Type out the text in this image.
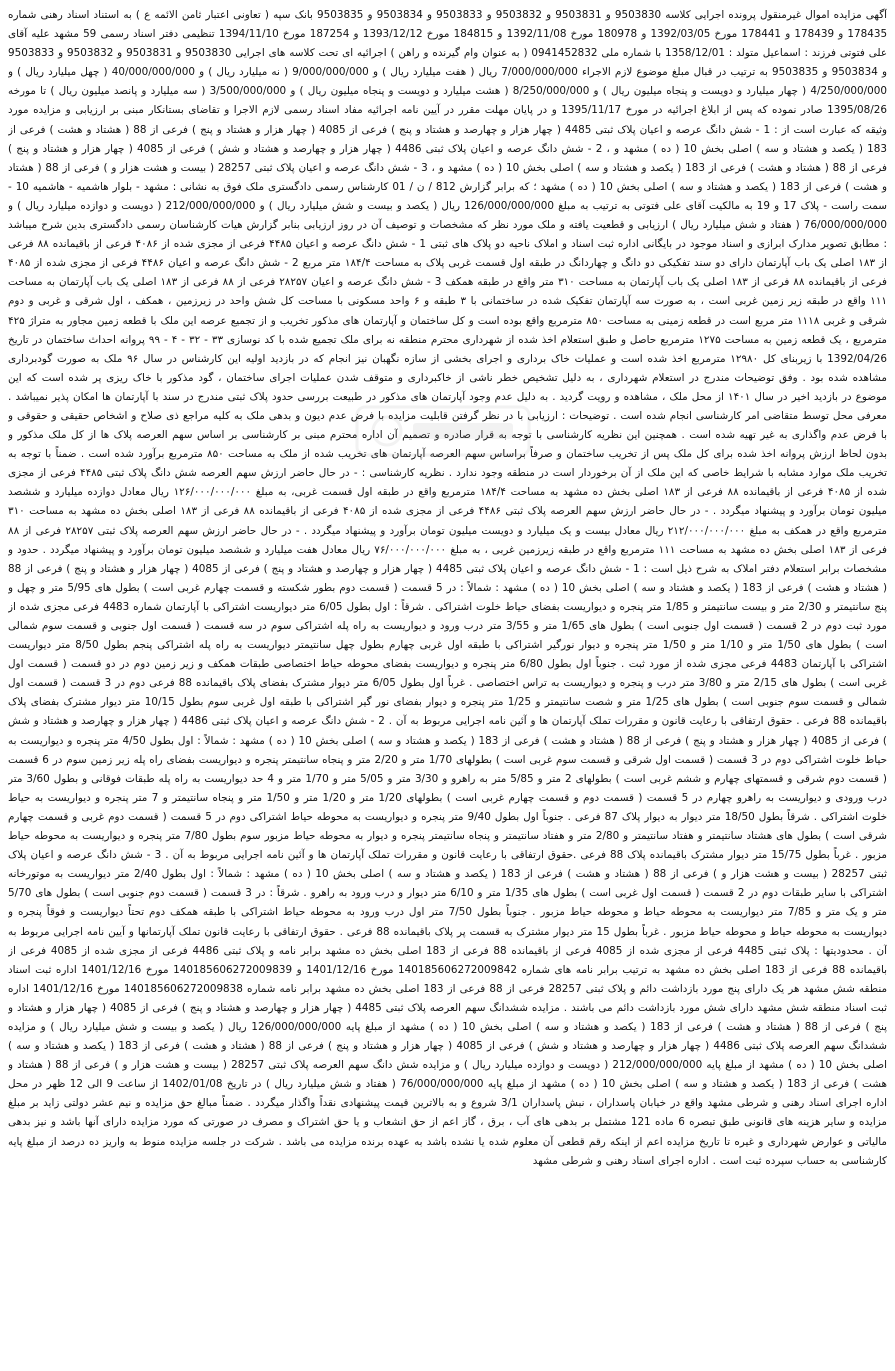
آگهی مزایده اموال غیرمنقول پرونده اجرایی کلاسه 9503830 و 9503831 و 9503832 و 9503833 و 9503834 و 9503835 بانک سپه ( تعاونی اعتبار ثامن الائمه ع ) به استناد اسناد رهنی شماره 178435 و 178439 و 178441 مورخ 1392/03/05 و 180978 مورخ 1392/11/08 و 184815 مورخ 1393/12/12 و 187254 مورخ 1394/11/10 تنظیمی دفتر اسناد رسمی 59 مشهد علیه آقای علی فتوتی فرزند : اسماعیل متولد : 1358/12/01 با شماره ملی 0941452832 ( به عنوان وام گیرنده و راهن ) اجرائیه ای تحت کلاسه های اجرایی 9503830 و 9503831 و 9503832 و 9503833 و 9503834 و 9503835 به ترتیب در قبال مبلغ موضوع لازم الاجراء 7/000/000/000 ریال ( هفت میلیارد ریال ) و 9/000/000/000 ( نه میلیارد ریال ) و 40/000/000/000 ( چهل میلیارد ریال ) و 4/250/000/000 ( چهار میلیارد و دویست و پنجاه میلیون ریال ) و 8/250/000/000 ( هشت میلیارد و دویست و پنجاه میلیون ریال ) و 3/500/000/000 ( سه میلیارد و پانصد میلیون ریال ) تا مورخه 1395/08/26 صادر نموده که پس از ابلاغ اجرائیه در مورخ 1395/11/17 و در پایان مهلت مقرر در آیین نامه اجرائیه مفاد اسناد رسمی لازم الاجرا و تقاضای بستانکار مبنی بر ارزیابی و مزایده مورد وثیقه که عبارت است از : 1 - شش دانگ عرصه و اعیان پلاک ثبتی 4485 ( چهار هزار و چهارصد و هشتاد و پنج ) فرعی از 4085 ( چهار هزار و هشتاد و پنج ) فرعی از 88 ( هشتاد و هشت ) فرعی از 183 ( یکصد و هشتاد و سه ) اصلی بخش 10 ( ده ) مشهد و ، 2 - شش دانگ عرصه و اعیان پلاک ثبتی 4486 ( چهار هزار و چهارصد و هشتاد و شش ) فرعی از 4085 ( چهار هزار و هشتاد و پنج ) فرعی از 88 ( هشتاد و هشت ) فرعی از 183 ( یکصد و هشتاد و سه ) اصلی بخش 10 ( ده ) مشهد و ، 3 - شش دانگ عرصه و اعیان پلاک ثبتی 28257 ( بیست و هشت هزار و ) فرعی از 88 ( هشتاد و هشت ) فرعی از 183 ( یکصد و هشتاد و سه ) اصلی بخش 10 ( ده ) مشهد ؛ که برابر گزارش 812 / ن / 01 کارشناس رسمی دادگستری ملک فوق به نشانی : مشهد - بلوار هاشمیه - هاشمیه 10 - سمت راست - پلاک 17 و 19 به مالکیت آقای علی فتوتی به ترتیب به مبلغ 126/000/000/000 ریال ( یکصد و بیست و شش میلیارد ریال ) و 212/000/000/000 ( دویست و دوازده میلیارد ریال ) و 76/000/000/000 ( هفتاد و شش میلیارد ریال ) ارزیابی و قطعیت یافته و ملک مورد نظر که مشخصات و توصیف آن در روز ارزیابی بنابر گزارش هیات کارشناسان رسمی دادگستری بدین شرح میباشد : مطابق تصویر مدارک ابرازی و اسناد موجود در بایگانی اداره ثبت اسناد و املاک ناحیه دو پلاک های ثبتی 1 - شش دانگ عرصه و اعیان ۴۴۸۵ فرعی از مجزی شده از ۴۰۸۶ فرعی از باقیمانده ۸۸ فرعی از ۱۸۳ اصلی یک باب آپارتمان دارای دو سند تفکیکی دو دانگ و چهاردانگ در طبقه اول قسمت غربی پلاک به مساحت ۱۸۴/۴ متر مربع 2 - شش دانگ عرصه و اعیان ۴۴۸۶ فرعی از مجزی شده از ۴۰۸۵ فرعی از باقیمانده ۸۸ فرعی از ۱۸۳ اصلی یک باب آپارتمان به مساحت ۳۱۰ متر واقع در طبقه همکف 3 - شش دانگ عرصه و اعیان ۲۸۲۵۷ فرعی از ۸۸ فرعی از ۱۸۳ اصلی یک باب آپارتمان به مساحت ۱۱۱ واقع در طبقه زیر زمین غربی است ، به صورت سه آپارتمان تفکیک شده در ساختمانی با ۳ طبقه و ۶ واحد مسکونی با مساحت کل شش واحد در زیرزمین ، همکف ، اول شرقی و غربی و دوم شرقی و غربی ۱۱۱۸ متر مربع است در قطعه زمینی به مساحت ۸۵۰ مترمربع واقع بوده است و کل ساختمان و آپارتمان های مذکور تخریب و از تجمیع عرصه این ملک با قطعه زمین مجاور به متراژ ۴۲۵ مترمربع ، یک قطعه زمین به مساحت ۱۲۷۵ مترمربع حاصل و طبق استعلام اخذ شده از شهرداری محترم منطقه نه برای ملک تجمیع شده با کد نوسازی ۳۳ - ۳۲ - ۴ - ۹۹ پروانه احداث ساختمان در تاریخ 1392/04/26 با زیربنای کل ۱۲۹۸۰ مترمربع اخذ شده است و عملیات خاک برداری و اجرای بخشی از سازه نگهبان نیز انجام که در بازدید اولیه این کارشناس در سال ۹۶ ملک به صورت گودبرداری مشاهده شده بود . وفق توضیحات مندرج در استعلام شهرداری ، به دلیل تشخیص خطر ناشی از خاکبرداری و متوقف شدن عملیات اجرای ساختمان ، گود مذکور با خاک ریزی پر شده است که این موضوع در بازدید اخیر در سال ۱۴۰۱ از محل ملک ، مشاهده و رویت گردید . به دلیل عدم وجود آپارتمان های مذکور در طبیعت بررسی حدود پلاک ثبتی مندرج در سند با آپارتمان ها امکان پذیر نمیباشد . معرفی محل توسط متقاضی امر کارشناسی انجام شده است . توضیحات : ارزیابی با در نظر گرفتن قابلیت مزایده با فرض عدم دیون و بدهی ملک به کلیه مراجع ذی صلاح و اشخاص حقیقی و حقوقی و با فرض عدم واگذاری به غیر تهیه شده است . همچنین این نظریه کارشناسی با توجه به قرار صادره و تصمیم آن اداره محترم مبنی بر کارشناسی بر اساس سهم العرصه پلاک ها از کل ملک مذکور و بدون لحاظ ارزش پروانه اخذ شده برای کل ملک پس از تخریب ساختمان و صرفاً براساس سهم العرصه آپارتمان های تخریب شده از ملک به مساحت ۸۵۰ مترمربع برآورد شده است . ضمناً با توجه به تخریب ملک موارد مشابه با شرایط خاصی که این ملک از آن برخوردار است در منطقه وجود ندارد . نظریه کارشناسی : - در حال حاضر ارزش سهم العرصه شش دانگ پلاک ثبتی ۴۴۸۵ فرعی از مجزی شده از ۴۰۸۵ فرعی از باقیمانده ۸۸ فرعی از ۱۸۳ اصلی بخش ده مشهد به مساحت ۱۸۴/۴ مترمربع واقع در طبقه اول قسمت غربی، به مبلغ ۱۲۶/۰۰۰/۰۰۰/۰۰۰ ریال معادل دوازده میلیارد و ششصد میلیون تومان برآورد و پیشنهاد میگردد . - در حال حاضر ارزش سهم العرصه پلاک ثبتی ۴۴۸۶ فرعی از مجزی شده از ۴۰۸۵ فرعی از باقیمانده ۸۸ فرعی از ۱۸۳ اصلی بخش ده مشهد به مساحت ۳۱۰ مترمربع واقع در همکف به مبلغ ۲۱۲/۰۰۰/۰۰۰/۰۰۰ ریال معادل بیست و یک میلیارد و دویست میلیون تومان برآورد و پیشنهاد میگردد . - در حال حاضر ارزش سهم العرصه پلاک ثبتی ۲۸۲۵۷ فرعی از ۸۸ فرعی از ۱۸۳ اصلی بخش ده مشهد به مساحت ۱۱۱ مترمربع واقع در طبقه زیرزمین غربی ، به مبلغ ۷۶/۰۰۰/۰۰۰/۰۰۰ ریال معادل هفت میلیارد و ششصد میلیون تومان برآورد و پیشنهاد میگردد . حدود و مشخصات برابر استعلام دفتر املاک به شرح ذیل است : 1 - شش دانگ عرصه و اعیان پلاک ثبتی 4485 ( چهار هزار و چهارصد و هشتاد و پنج ) فرعی از 4085 ( چهار هزار و هشتاد و پنج ) فرعی از 88 ( هشتاد و هشت ) فرعی از 183 ( یکصد و هشتاد و سه ) اصلی بخش 10 ( ده ) مشهد : شمالاً : در 5 قسمت ( قسمت دوم بطور شکسته و قسمت چهارم غربی است ) بطول های 5/95 متر و چهل و پنج سانتیمتر و 2/30 متر و بیست سانتیمتر و 1/85 متر پنجره و دیواریست بفضای حیاط خلوت اشتراکی . شرقاً : اول بطول 6/05 متر دیواریست اشتراکی با آپارتمان شماره 4483 فرعی مجزی شده از مورد ثبت دوم در 2 قسمت ( قسمت اول جنوبی است ) بطول های 1/65 متر و 3/55 متر درب ورود و دیواریست به راه پله اشتراکی سوم در سه قسمت ( قسمت اول جنوبی و قسمت سوم شمالی است ) بطول های 1/50 متر و 1/10 متر و 1/50 متر پنجره و دیوار نورگیر اشتراکی با طبقه اول غربی چهارم بطول چهل سانتیمتر دیواریست به راه پله اشتراکی پنجم بطول 8/50 متر دیواریست اشتراکی با آپارتمان 4483 فرعی مجزی شده از مورد ثبت . جنوباً اول بطول 6/80 متر پنجره و دیواریست بفضای محوطه حیاط اختصاصی طبقات همکف و زیر زمین دوم در دو قسمت ( قسمت اول غربی است ) بطول های 2/15 متر و 3/80 متر درب و پنجره و دیواریست به تراس اختصاصی . غرباً اول بطول 6/05 متر دیوار مشترک بفضای پلاک باقیمانده 88 فرعی دوم در 3 قسمت ( قسمت اول شمالی و قسمت سوم جنوبی است ) بطول های 1/25 متر و شصت سانتیمتر و 1/25 متر پنجره و دیوار بفضای نور گیر اشتراکی با طبقه اول غربی سوم بطول 10/15 متر دیوار مشترک بفضای پلاک باقیمانده 88 فرعی . حقوق ارتفاقی با رعایت قانون و مقررات تملک آپارتمان ها و آئین نامه اجرایی مربوط به آن . 2 - شش دانگ عرصه و اعیان پلاک ثبتی 4486 ( چهار هزار و چهارصد و هشتاد و شش ) فرعی از 4085 ( چهار هزار و هشتاد و پنج ) فرعی از 88 ( هشتاد و هشت ) فرعی از 183 ( یکصد و هشتاد و سه ) اصلی بخش 10 ( ده ) مشهد : شمالاً : اول بطول 4/50 متر پنجره و دیواریست به حیاط خلوت اشتراکی دوم در 3 قسمت ( قسمت اول شرقی و قسمت سوم غربی است ) بطولهای 1/70 متر و 2/20 متر و پنجاه سانتیمتر پنجره و دیواریست بفضای راه پله زیر زمین سوم در 6 قسمت ( قسمت دوم شرقی و قسمتهای چهارم و ششم غربی است ) بطولهای 2 متر و 5/85 متر به راهرو و 3/30 متر و 5/05 متر و 1/70 متر و 4 حد دیواریست به راه پله طبقات فوقانی و بطول 3/60 متر درب ورودی و دیواریست به راهرو چهارم در 5 قسمت ( قسمت دوم و قسمت چهارم غربی است ) بطولهای 1/20 متر و 1/20 متر و 1/50 متر و پنجاه سانتیمتر و 7 متر پنجره و دیواریست به حیاط خلوت اشتراکی . شرقاً بطول 18/50 متر دیوار به دیوار پلاک 87 فرعی . جنوباً اول بطول 9/40 متر پنجره و دیواریست به محوطه حیاط اشتراکی دوم در 5 قسمت ( قسمت دوم غربی و قسمت چهارم شرقی است ) بطول های هشتاد سانتیمتر و هفتاد سانتیمتر و 2/80 متر و هفتاد سانتیمتر و پنجاه سانتیمتر پنجره و دیوار به محوطه حیاط مزبور سوم بطول 7/80 متر پنجره و دیواریست به محوطه حیاط مزبور . غرباً بطول 15/75 متر دیوار مشترک باقیمانده پلاک 88 فرعی .حقوق ارتفاقی با رعایت قانون و مقررات تملک آپارتمان ها و آئین نامه اجرایی مربوط به آن . 3 - شش دانگ عرصه و اعیان پلاک ثبتی 28257 ( بیست و هشت هزار و ) فرعی از 88 ( هشتاد و هشت ) فرعی از 183 ( یکصد و هشتاد و سه ) اصلی بخش 10 ( ده ) مشهد : شمالاً : اول بطول 2/40 متر دیواریست به موتورخانه اشتراکی با سایر طبقات دوم در 2 قسمت ( قسمت اول غربی است ) بطول های 1/35 متر و 6/10 متر دیوار و درب ورود به راهرو . شرقاً : در 3 قسمت ( قسمت دوم جنوبی است ) بطول های 5/70 متر و یک متر و 7/85 متر دیواریست به محوطه حیاط و محوطه حیاط مزبور . جنوباً بطول 7/50 متر اول درب ورود به محوطه حیاط اشتراکی با طبقه همکف دوم تحتاً دیواریست و فوقاً پنجره و دیواریست به محوطه حیاط و محوطه حیاط مزبور . غرباً بطول 15 متر دیوار مشترک به قسمت پر پلاک باقیمانده 88 فرعی . حقوق ارتفاقی با رعایت قانون تملک آپارتمانها و آیین نامه اجرایی مربوط به آن . محدودیتها : پلاک ثبتی 4485 فرعی از مجزی شده از 4085 فرعی از باقیمانده 88 فرعی از 183 اصلی بخش ده مشهد برابر نامه و پلاک ثبتی 4486 فرعی از مجزی شده از 4085 فرعی از باقیمانده 88 فرعی از 183 اصلی بخش ده مشهد به ترتیب برابر نامه های شماره 140185606272009842 مورخ 1401/12/16 و 140185606272009839 مورخ 1401/12/16 اداره ثبت اسناد منطقه شش مشهد هر یک دارای پنج مورد بازداشت دائم و پلاک ثبتی 28257 فرعی از 88 فرعی از 183 اصلی بخش ده مشهد برابر نامه شماره 140185606272009838 مورخ 1401/12/16 اداره ثبت اسناد منطقه شش مشهد دارای شش مورد بازداشت دائم می باشند . مزایده ششدانگ سهم العرصه پلاک ثبتی 4485 ( چهار هزار و چهارصد و هشتاد و پنج ) فرعی از 4085 ( چهار هزار و هشتاد و پنج ) فرعی از 88 ( هشتاد و هشت ) فرعی از 183 ( یکصد و هشتاد و سه ) اصلی بخش 10 ( ده ) مشهد از مبلغ پایه 126/000/000/000 ریال ( یکصد و بیست و شش میلیارد ریال ) و مزایده ششدانگ سهم العرصه پلاک ثبتی 4486 ( چهار هزار و چهارصد و هشتاد و شش ) فرعی از 4085 ( چهار هزار و هشتاد و پنج ) فرعی از 88 ( هشتاد و هشت ) فرعی از 183 ( یکصد و هشتاد و سه ) اصلی بخش 10 ( ده ) مشهد از مبلغ پایه 212/000/000/000 ( دویست و دوازده میلیارد ریال ) و مزایده شش دانگ سهم العرصه پلاک ثبتی 28257 ( بیست و هشت هزار و ) فرعی از 88 ( هشتاد و هشت ) فرعی از 183 ( یکصد و هشتاد و سه ) اصلی بخش 10 ( ده ) مشهد از مبلغ پایه 76/000/000/000 ( هفتاد و شش میلیارد ریال ) در تاریخ 1402/01/08 از ساعت 9 الی 12 ظهر در محل اداره اجرای اسناد رهنی و شرطی مشهد واقع در خیابان پاسداران ، نبش پاسداران 3/1 شروع و به بالاترین قیمت پیشنهادی نقداً واگذار میگردد . ضمناً مبالغ حق مزایده و نیم عشر دولتی زاید بر مبلغ مزایده و سایر هزینه های قانونی طبق تبصره 6 ماده 121 مشتمل بر بدهی های آب ، برق ، گاز اعم از حق انشعاب و یا حق اشتراک و مصرف در صورتی که مورد مزایده دارای آنها باشد و نیز بدهی مالیاتی و عوارض شهرداری و غیره تا تاریخ مزایده اعم از اینکه رقم قطعی آن معلوم شده یا نشده باشد به عهده برنده مزایده می باشد . شرکت در جلسه مزایده منوط به واریز ده درصد از مبلغ پایه کارشناسی به حساب سپرده ثبت است . اداره اجرای اسناد رهنی و شرطی مشهد
